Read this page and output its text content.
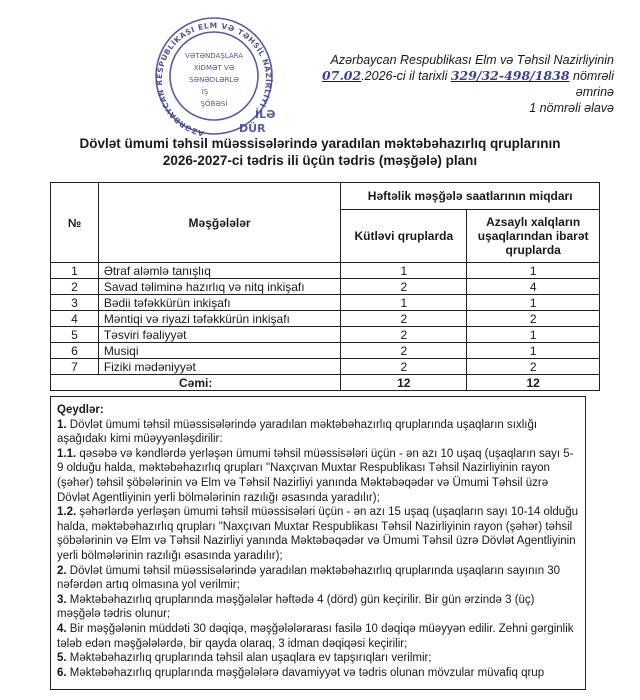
AZƏRBAYCAN RESPUBLİKASI ELM VƏ TƏHSİL NAZİRLİYİ
VƏTƏNDAŞLARA
XİDMƏT VƏ
SƏNƏDLƏRLƏ
İŞ
ŞÖBƏSİ
İLƏ
DÜR
Azərbaycan Respublikası Elm və Təhsil Nazirliyinin
07.02.2026-ci il tarixli 329/32-498/1838 nömrəli əmrinə
1 nömrəli əlavə
Dövlət ümumi təhsil müəssisələrində yaradılan məktəbəhazırlıq qruplarının
2026-2027-ci tədris ili üçün tədris (məşğələ) planı
№	Məşğələlər	Həftəlik məşğələ saatlarının miqdarı	
		Kütləvi qruplarda	Azsaylı xalqların uşaqlarından ibarət qruplarda
1	Ətraf aləmlə tanışlıq	1	1
2	Savad təliminə hazırlıq və nitq inkişafı	2	4
3	Bədii təfəkkürün inkişafı	1	1
4	Məntiqi və riyazi təfəkkürün inkişafı	2	2
5	Təsviri fəaliyyət	2	1
6	Musiqi	2	1
7	Fiziki mədəniyyət	2	2
Cəmi:		12	12

Qeydlər:

1. Dövlət ümumi təhsil müəssisələrində yaradılan məktəbəhazırlıq qruplarında uşaqların sıxlığı aşağıdakı kimi müəyyənləşdirilir:

1.1. qəsəbə və kəndlərdə yerləşən ümumi təhsil müəssisələri üçün - ən azı 10 uşaq (uşaqların sayı 5-9 olduğu halda, məktəbəhazırlıq qrupları "Naxçıvan Muxtar Respublikası Təhsil Nazirliyinin rayon (şəhər) təhsil şöbələrinin və Elm və Təhsil Nazirliyi yanında Məktəbəqədər və Ümumi Təhsil üzrə Dövlət Agentliyinin yerli bölmələrinin razılığı əsasında yaradılır);

1.2. şəhərlərdə yerləşən ümumi təhsil müəssisələri üçün - ən azı 15 uşaq (uşaqların sayı 10-14 olduğu halda, məktəbəhazırlıq qrupları "Naxçıvan Muxtar Respublikası Təhsil Nazirliyinin rayon (şəhər) təhsil şöbələrinin və Elm və Təhsil Nazirliyi yanında Məktəbəqədər və Ümumi Təhsil üzrə Dövlət Agentliyinin yerli bölmələrinin razılığı əsasında yaradılır);

2. Dövlət ümumi təhsil müəssisələrində yaradılan məktəbəhazırlıq qruplarında uşaqların sayının 30 nəfərdən artıq olmasına yol verilmir;

3. Məktəbəhazırlıq qruplarında məşğələlər həftədə 4 (dörd) gün keçirilir. Bir gün ərzində 3 (üç) məşğələ tədris olunur;

4. Bir məşğələnin müddəti 30 dəqiqə, məşğələlərarası fasilə 10 dəqiqə müəyyən edilir. Zehni gərginlik tələb edən məşğələlərdə, bir qayda olaraq, 3 idman dəqiqəsi keçirilir;

5. Məktəbəhazırlıq qruplarında təhsil alan uşaqlara ev tapşırıqları verilmir;

6. Məktəbəhazırlıq qruplarında məşğələlərə davamiyyət və tədris olunan mövzular müvafiq qrup
